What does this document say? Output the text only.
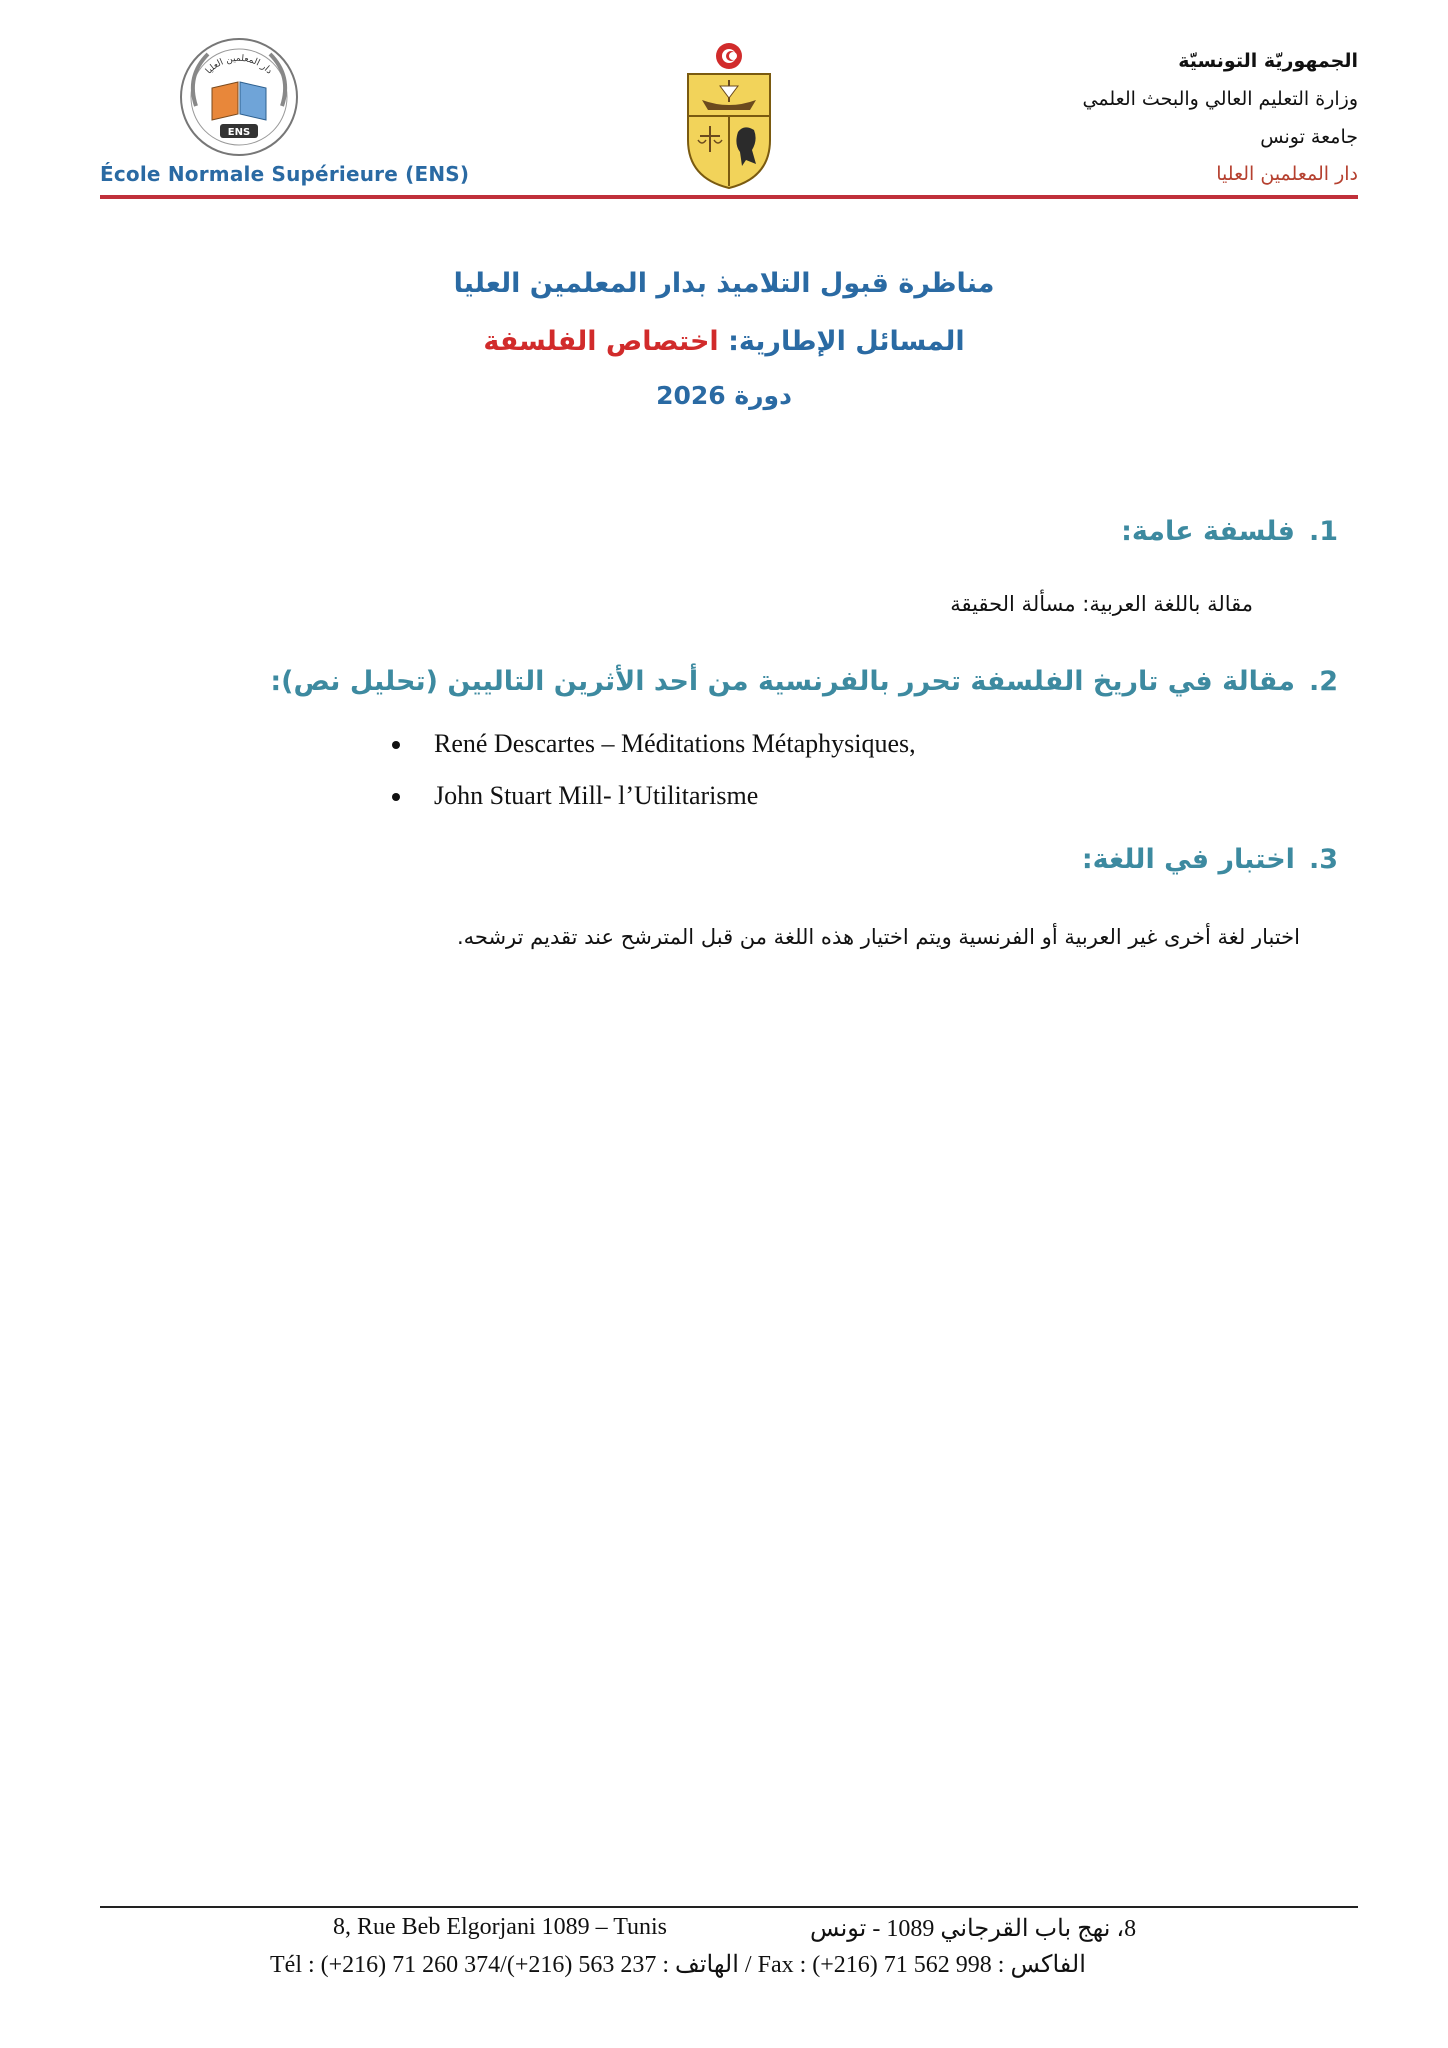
الجمهوريّة التونسيّة
وزارة التعليم العالي والبحث العلمي
جامعة تونس
دار المعلمين العليا
ENS
دار المعلمين العليا
École Normale Supérieure (ENS)
مناظرة قبول التلاميذ بدار المعلمين العليا
المسائل الإطارية: اختصاص الفلسفة
دورة 2026
1.فلسفة عامة:
مقالة باللغة العربية: مسألة الحقيقة
2.مقالة في تاريخ الفلسفة تحرر بالفرنسية من أحد الأثرين التاليين (تحليل نص):
René Descartes – Méditations Métaphysiques,
John Stuart Mill- l’Utilitarisme
3.اختبار في اللغة:
اختبار لغة أخرى غير العربية أو الفرنسية ويتم اختيار هذه اللغة من قبل المترشح عند تقديم ترشحه.
8, Rue Beb Elgorjani 1089 – Tunis	8، نهج باب القرجاني 1089 - تونس
Tél : (+216) 71 260 374/(+216) 563 237 : الهاتف / Fax : (+216) 71 562 998 : الفاكس
